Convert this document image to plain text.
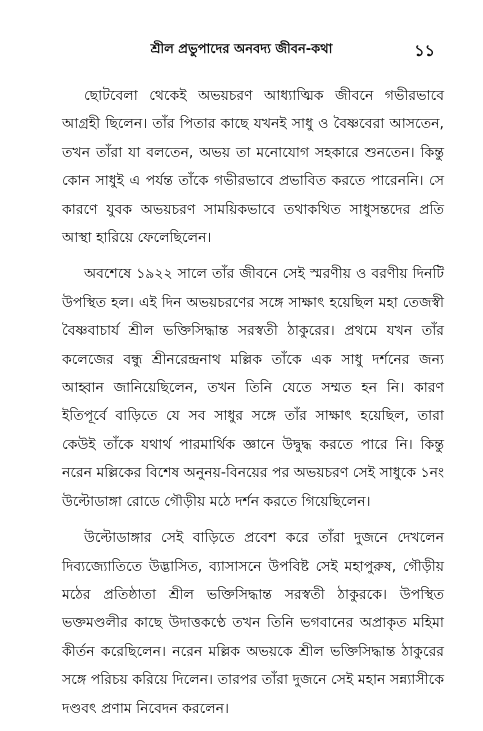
শ্রীল প্রভুপাদের অনবদ্য জীবন-কথা	১১

ছোটবেলা থেকেই অভয়চরণ আধ্যাত্মিক জীবনে গভীরভাবে আগ্রহী ছিলেন। তাঁর পিতার কাছে যখনই সাধু ও বৈষ্ণবেরা আসতেন, তখন তাঁরা যা বলতেন, অভয় তা মনোযোগ সহকারে শুনতেন। কিন্তু কোন সাধুই এ পর্যন্ত তাঁকে গভীরভাবে প্রভাবিত করতে পারেননি। সে কারণে যুবক অভয়চরণ সাময়িকভাবে তথাকথিত সাধুসন্তদের প্রতি আস্থা হারিয়ে ফেলেছিলেন।

অবশেষে ১৯২২ সালে তাঁর জীবনে সেই স্মরণীয় ও বরণীয় দিনটি উপস্থিত হল। এই দিন অভয়চরণের সঙ্গে সাক্ষাৎ হয়েছিল মহা তেজস্বী বৈষ্ণবাচার্য শ্রীল ভক্তিসিদ্ধান্ত সরস্বতী ঠাকুরের। প্রথমে যখন তাঁর কলেজের বন্ধু শ্রীনরেন্দ্রনাথ মল্লিক তাঁকে এক সাধু দর্শনের জন্য আহ্বান জানিয়েছিলেন, তখন তিনি যেতে সম্মত হন নি। কারণ ইতিপূর্বে বাড়িতে যে সব সাধুর সঙ্গে তাঁর সাক্ষাৎ হয়েছিল, তারা কেউই তাঁকে যথার্থ পারমার্থিক জ্ঞানে উদ্বুদ্ধ করতে পারে নি। কিন্তু নরেন মল্লিকের বিশেষ অনুনয়-বিনয়ের পর অভয়চরণ সেই সাধুকে ১নং উল্টোডাঙ্গা রোডে গৌড়ীয় মঠে দর্শন করতে গিয়েছিলেন।

উল্টোডাঙ্গার সেই বাড়িতে প্রবেশ করে তাঁরা দুজনে দেখলেন দিব্যজ্যোতিতে উদ্ভাসিত, ব্যাসাসনে উপবিষ্ট সেই মহাপুরুষ, গৌড়ীয় মঠের প্রতিষ্ঠাতা শ্রীল ভক্তিসিদ্ধান্ত সরস্বতী ঠাকুরকে। উপস্থিত ভক্তমণ্ডলীর কাছে উদাত্তকণ্ঠে তখন তিনি ভগবানের অপ্রাকৃত মহিমা কীর্তন করেছিলেন। নরেন মল্লিক অভয়কে শ্রীল ভক্তিসিদ্ধান্ত ঠাকুরের সঙ্গে পরিচয় করিয়ে দিলেন। তারপর তাঁরা দুজনে সেই মহান সন্ন্যাসীকে দণ্ডবৎ প্রণাম নিবেদন করলেন।
